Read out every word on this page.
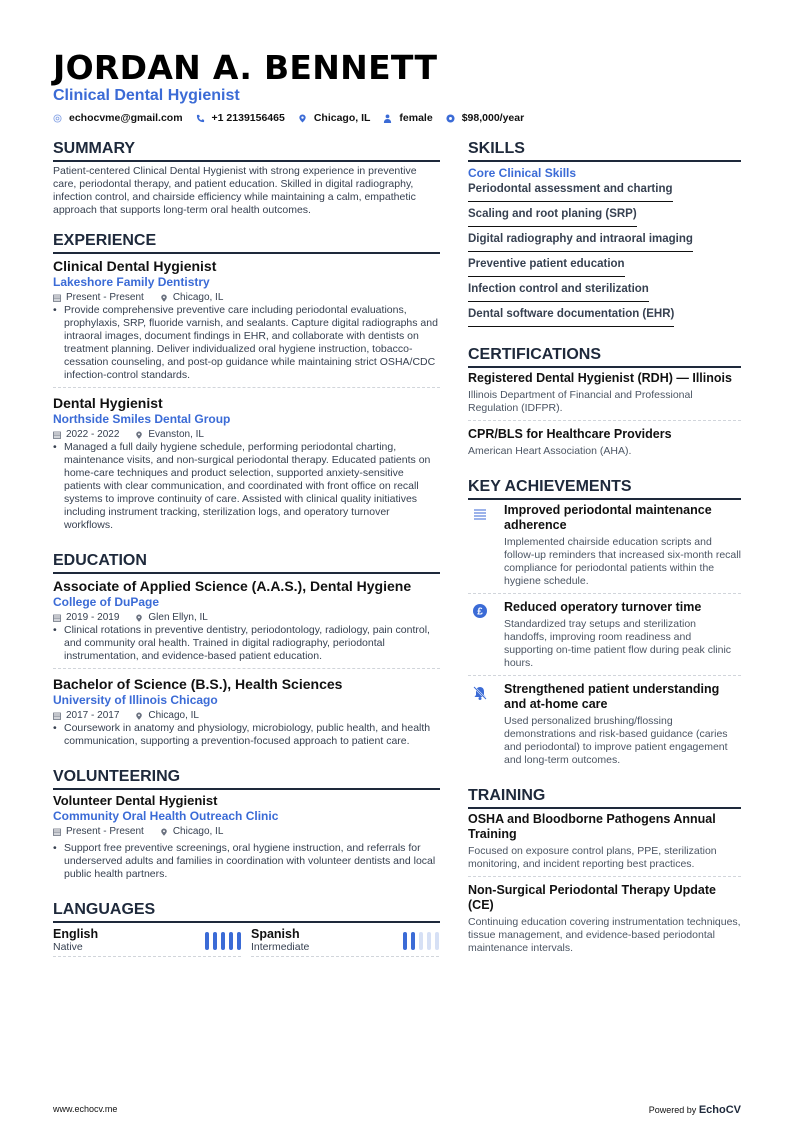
JORDAN A. BENNETT
Clinical Dental Hygienist
echocvme@gmail.com	+1 2139156465	Chicago, IL	female	$98,000/year
SUMMARY
Patient-centered Clinical Dental Hygienist with strong experience in preventive care, periodontal therapy, and patient education. Skilled in digital radiography, infection control, and chairside efficiency while maintaining a calm, empathetic approach that supports long-term oral health outcomes.
EXPERIENCE
Clinical Dental Hygienist
Lakeshore Family Dentistry
Present - Present	Chicago, IL
• Provide comprehensive preventive care including periodontal evaluations, prophylaxis, SRP, fluoride varnish, and sealants. Capture digital radiographs and intraoral images, document findings in EHR, and collaborate with dentists on treatment planning. Deliver individualized oral hygiene instruction, tobacco-cessation counseling, and post-op guidance while maintaining strict OSHA/CDC infection-control standards.
Dental Hygienist
Northside Smiles Dental Group
2022 - 2022	Evanston, IL
• Managed a full daily hygiene schedule, performing periodontal charting, maintenance visits, and non-surgical periodontal therapy. Educated patients on home-care techniques and product selection, supported anxiety-sensitive patients with clear communication, and coordinated with front office on recall systems to improve continuity of care. Assisted with clinical quality initiatives including instrument tracking, sterilization logs, and operatory turnover workflows.
EDUCATION
Associate of Applied Science (A.A.S.), Dental Hygiene
College of DuPage
2019 - 2019	Glen Ellyn, IL
• Clinical rotations in preventive dentistry, periodontology, radiology, pain control, and community oral health. Trained in digital radiography, periodontal instrumentation, and evidence-based patient education.
Bachelor of Science (B.S.), Health Sciences
University of Illinois Chicago
2017 - 2017	Chicago, IL
• Coursework in anatomy and physiology, microbiology, public health, and health communication, supporting a prevention-focused approach to patient care.
VOLUNTEERING
Volunteer Dental Hygienist
Community Oral Health Outreach Clinic
Present - Present	Chicago, IL
• Support free preventive screenings, oral hygiene instruction, and referrals for underserved adults and families in coordination with volunteer dentists and local public health partners.
LANGUAGES
English
Native
Spanish
Intermediate
SKILLS
Core Clinical Skills
Periodontal assessment and charting
Scaling and root planing (SRP)
Digital radiography and intraoral imaging
Preventive patient education
Infection control and sterilization
Dental software documentation (EHR)
CERTIFICATIONS
Registered Dental Hygienist (RDH) — Illinois
Illinois Department of Financial and Professional Regulation (IDFPR).
CPR/BLS for Healthcare Providers
American Heart Association (AHA).
KEY ACHIEVEMENTS
Improved periodontal maintenance adherence
Implemented chairside education scripts and follow-up reminders that increased six-month recall compliance for periodontal patients within the hygiene schedule.
£ Reduced operatory turnover time
Standardized tray setups and sterilization handoffs, improving room readiness and supporting on-time patient flow during peak clinic hours.
Strengthened patient understanding and at-home care
Used personalized brushing/flossing demonstrations and risk-based guidance (caries and periodontal) to improve patient engagement and long-term outcomes.
TRAINING
OSHA and Bloodborne Pathogens Annual Training
Focused on exposure control plans, PPE, sterilization monitoring, and incident reporting best practices.
Non-Surgical Periodontal Therapy Update (CE)
Continuing education covering instrumentation techniques, tissue management, and evidence-based periodontal maintenance intervals.
www.echocv.me	Powered by EchoCV
